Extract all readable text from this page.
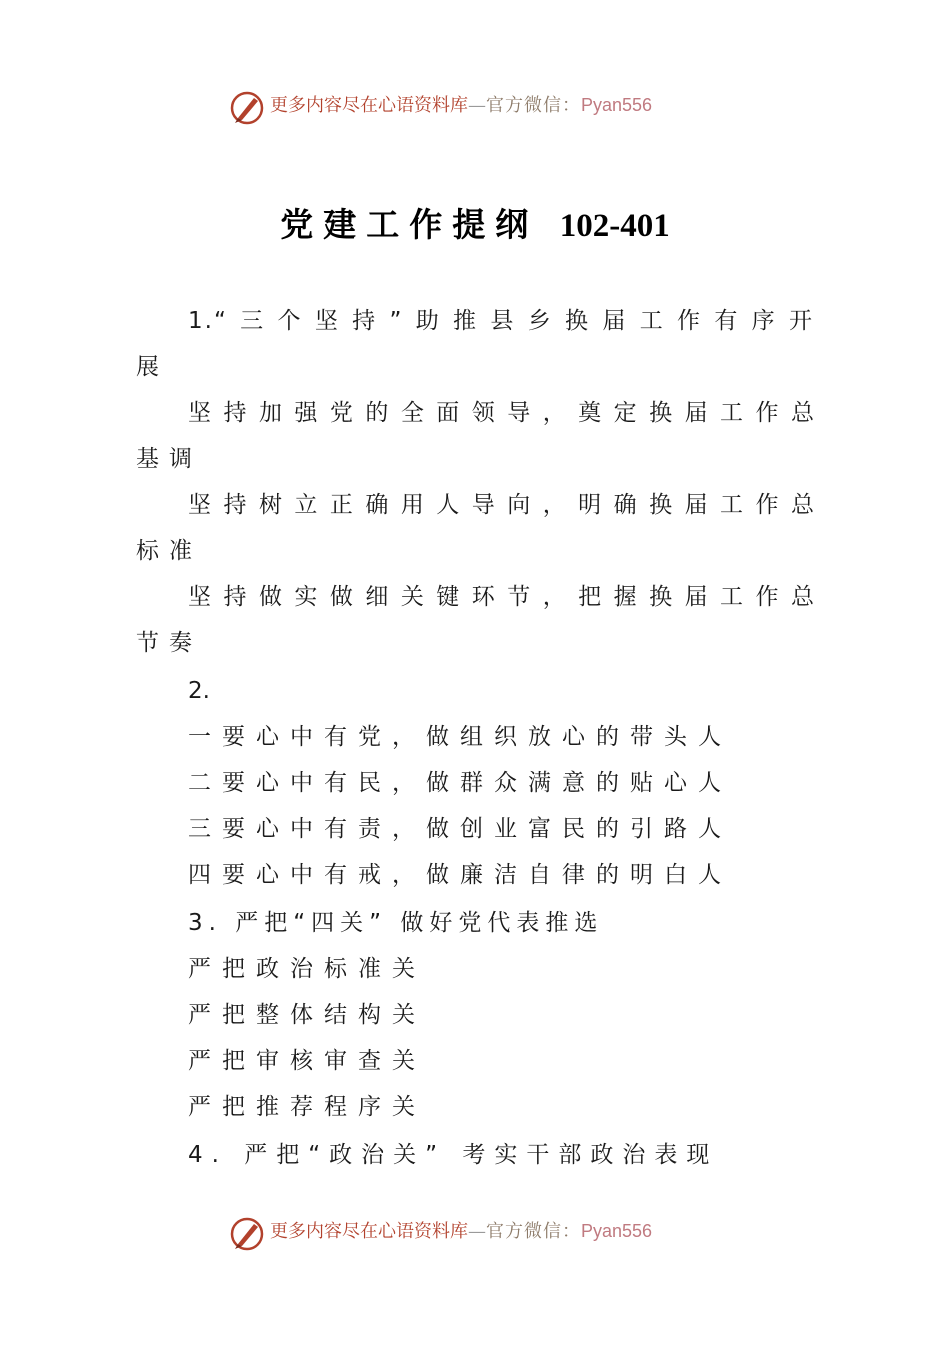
更多内容尽在心语资料库—官方微信：Pyan556
党建工作提纲 102-401
1.“三个坚持”助推县乡换届工作有序开
展
坚持加强党的全面领导，奠定换届工作总
基调
坚持树立正确用人导向，明确换届工作总
标准
坚持做实做细关键环节，把握换届工作总
节奏
2.
一要心中有党，做组织放心的带头人
二要心中有民，做群众满意的贴心人
三要心中有责，做创业富民的引路人
四要心中有戒，做廉洁自律的明白人
3. 严把“四关” 做好党代表推选
严把政治标准关
严把整体结构关
严把审核审查关
严把推荐程序关
4. 严把“政治关” 考实干部政治表现
更多内容尽在心语资料库—官方微信：Pyan556
